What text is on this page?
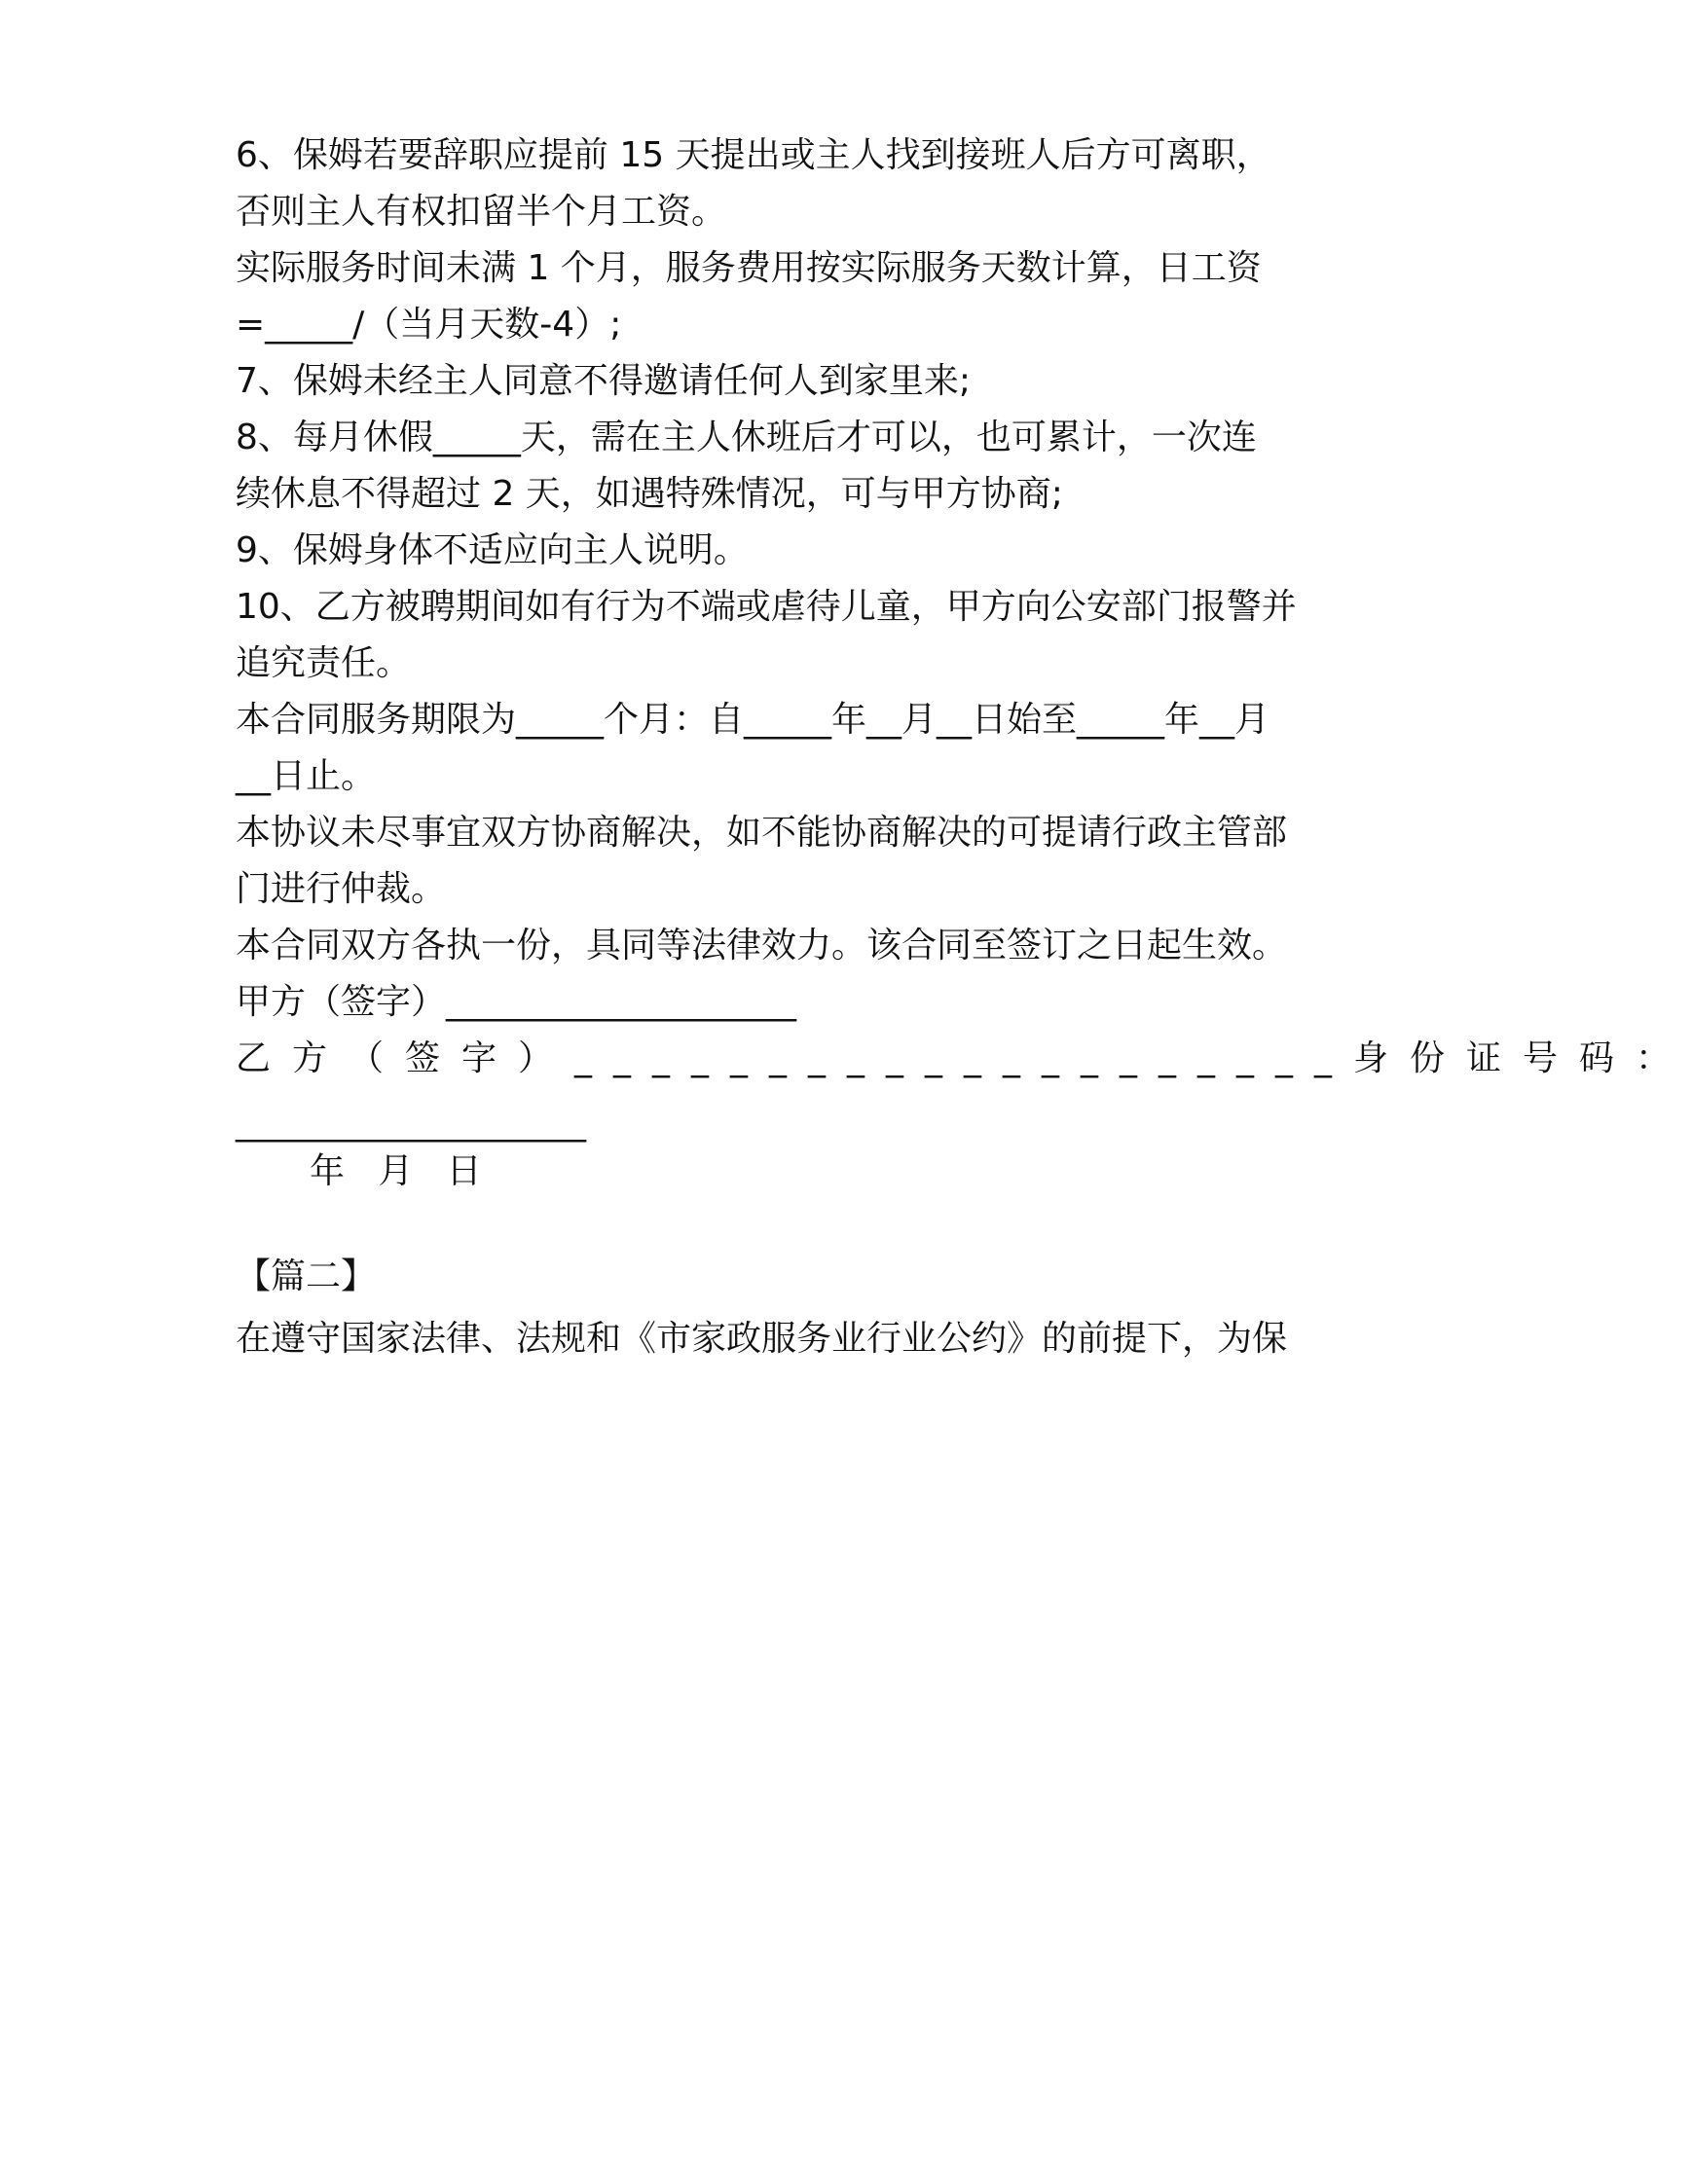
6、保姆若要辞职应提前 15 天提出或主人找到接班人后方可离职，
否则主人有权扣留半个月工资。
实际服务时间未满 1 个月，服务费用按实际服务天数计算，日工资
=_____/（当月天数-4）;
7、保姆未经主人同意不得邀请任何人到家里来;
8、每月休假_____天，需在主人休班后才可以，也可累计，一次连
续休息不得超过 2 天，如遇特殊情况，可与甲方协商;
9、保姆身体不适应向主人说明。
10、乙方被聘期间如有行为不端或虐待儿童，甲方向公安部门报警并
追究责任。
本合同服务期限为_____个月：自_____年__月__日始至_____年__月
__日止。
本协议未尽事宜双方协商解决，如不能协商解决的可提请行政主管部
门进行仲裁。
本合同双方各执一份，具同等法律效力。该合同至签订之日起生效。
甲方（签字）____________________
乙方（签字）____________________身份证号码：
____________________
年   月   日
【篇二】
在遵守国家法律、法规和《市家政服务业行业公约》的前提下，为保
